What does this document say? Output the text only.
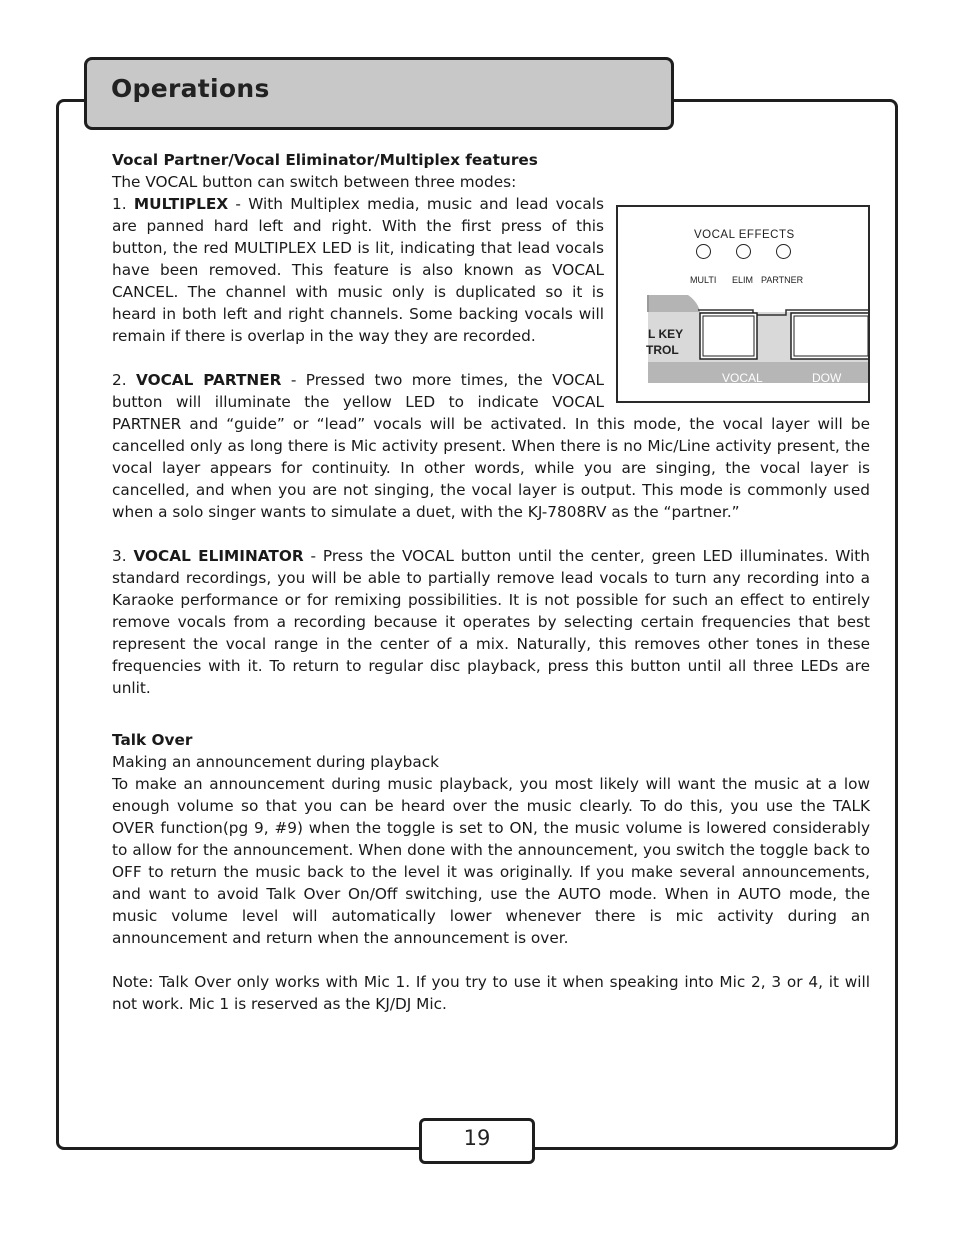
Operations

Vocal Partner/Vocal Eliminator/Multiplex features

The VOCAL button can switch between three modes:

VOCAL EFFECTS
MULTI ELIM PARTNER
L KEY
TROL
VOCAL	DOW

1. MULTIPLEX - With Multiplex media, music and lead vocals are panned hard left and right. With the first press of this button, the red MULTIPLEX LED is lit, indicating that lead vocals have been removed. This feature is also known as VOCAL CANCEL. The channel with music only is duplicated so it is heard in both left and right channels. Some backing vocals will remain if there is overlap in the way they are recorded.

2. VOCAL PARTNER - Pressed two more times, the VOCAL button will illuminate the yellow LED to indicate VOCAL PARTNER and “guide” or “lead” vocals will be activated. In this mode, the vocal layer will be cancelled only as long there is Mic activity present. When there is no Mic/Line activity present, the vocal layer appears for continuity. In other words, while you are singing, the vocal layer is cancelled, and when you are not singing, the vocal layer is output. This mode is commonly used when a solo singer wants to simulate a duet, with the KJ-7808RV as the “partner.”

3. VOCAL ELIMINATOR - Press the VOCAL button until the center, green LED illuminates. With standard recordings, you will be able to partially remove lead vocals to turn any recording into a Karaoke performance or for remixing possibilities. It is not possible for such an effect to entirely remove vocals from a recording because it operates by selecting certain frequencies that best represent the vocal range in the center of a mix. Naturally, this removes other tones in these frequencies with it. To return to regular disc playback, press this button until all three LEDs are unlit.

Talk Over

Making an announcement during playback

To make an announcement during music playback, you most likely will want the music at a low enough volume so that you can be heard over the music clearly. To do this, you use the TALK OVER function(pg 9, #9) when the toggle is set to ON, the music volume is lowered considerably to allow for the announcement. When done with the announcement, you switch the toggle back to OFF to return the music back to the level it was originally. If you make several announcements, and want to avoid Talk Over On/Off switching, use the AUTO mode. When in AUTO mode, the music volume level will automatically lower whenever there is mic activity during an announcement and return when the announcement is over.

Note: Talk Over only works with Mic 1. If you try to use it when speaking into Mic 2, 3 or 4, it will not work. Mic 1 is reserved as the KJ/DJ Mic.

19
